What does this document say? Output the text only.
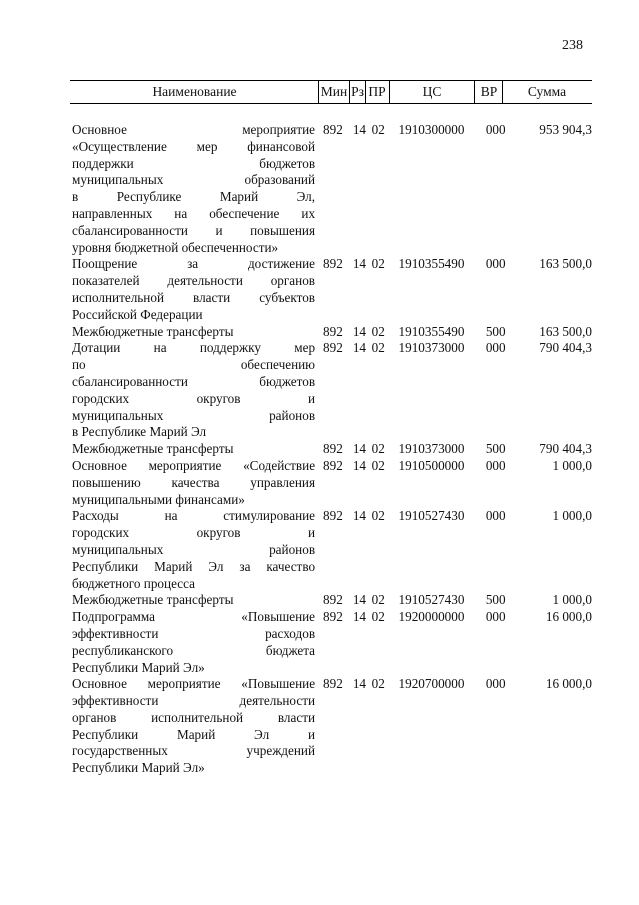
238
Наименование	Мин Рз ПР	ЦС	ВР	Сумма
Основное мероприятие
«Осуществление мер финансовой
поддержки бюджетов
муниципальных образований
в Республике Марий Эл,
направленных на обеспечение их
сбалансированности и повышения
уровня бюджетной обеспеченности»
892 14 02	1910300000	000	953 904,3
Поощрение за достижение
показателей деятельности органов
исполнительной власти субъектов
Российской Федерации
892 14 02	1910355490	000	163 500,0
Межбюджетные трансферты	892 14 02	1910355490	500	163 500,0
Дотации на поддержку мер
по обеспечению
сбалансированности бюджетов
городских округов и
муниципальных районов
в Республике Марий Эл
892 14 02	1910373000	000	790 404,3
Межбюджетные трансферты	892 14 02	1910373000	500	790 404,3
Основное мероприятие «Содействие
повышению качества управления
муниципальными финансами»
892 14 02	1910500000	000	1 000,0
Расходы на стимулирование
городских округов и
муниципальных районов
Республики Марий Эл за качество
бюджетного процесса
892 14 02	1910527430	000	1 000,0
Межбюджетные трансферты	892 14 02	1910527430	500	1 000,0
Подпрограмма «Повышение
эффективности расходов
республиканского бюджета
Республики Марий Эл»
892 14 02	1920000000	000	16 000,0
Основное мероприятие «Повышение
эффективности деятельности
органов исполнительной власти
Республики Марий Эл и
государственных учреждений
Республики Марий Эл»
892 14 02	1920700000	000	16 000,0
